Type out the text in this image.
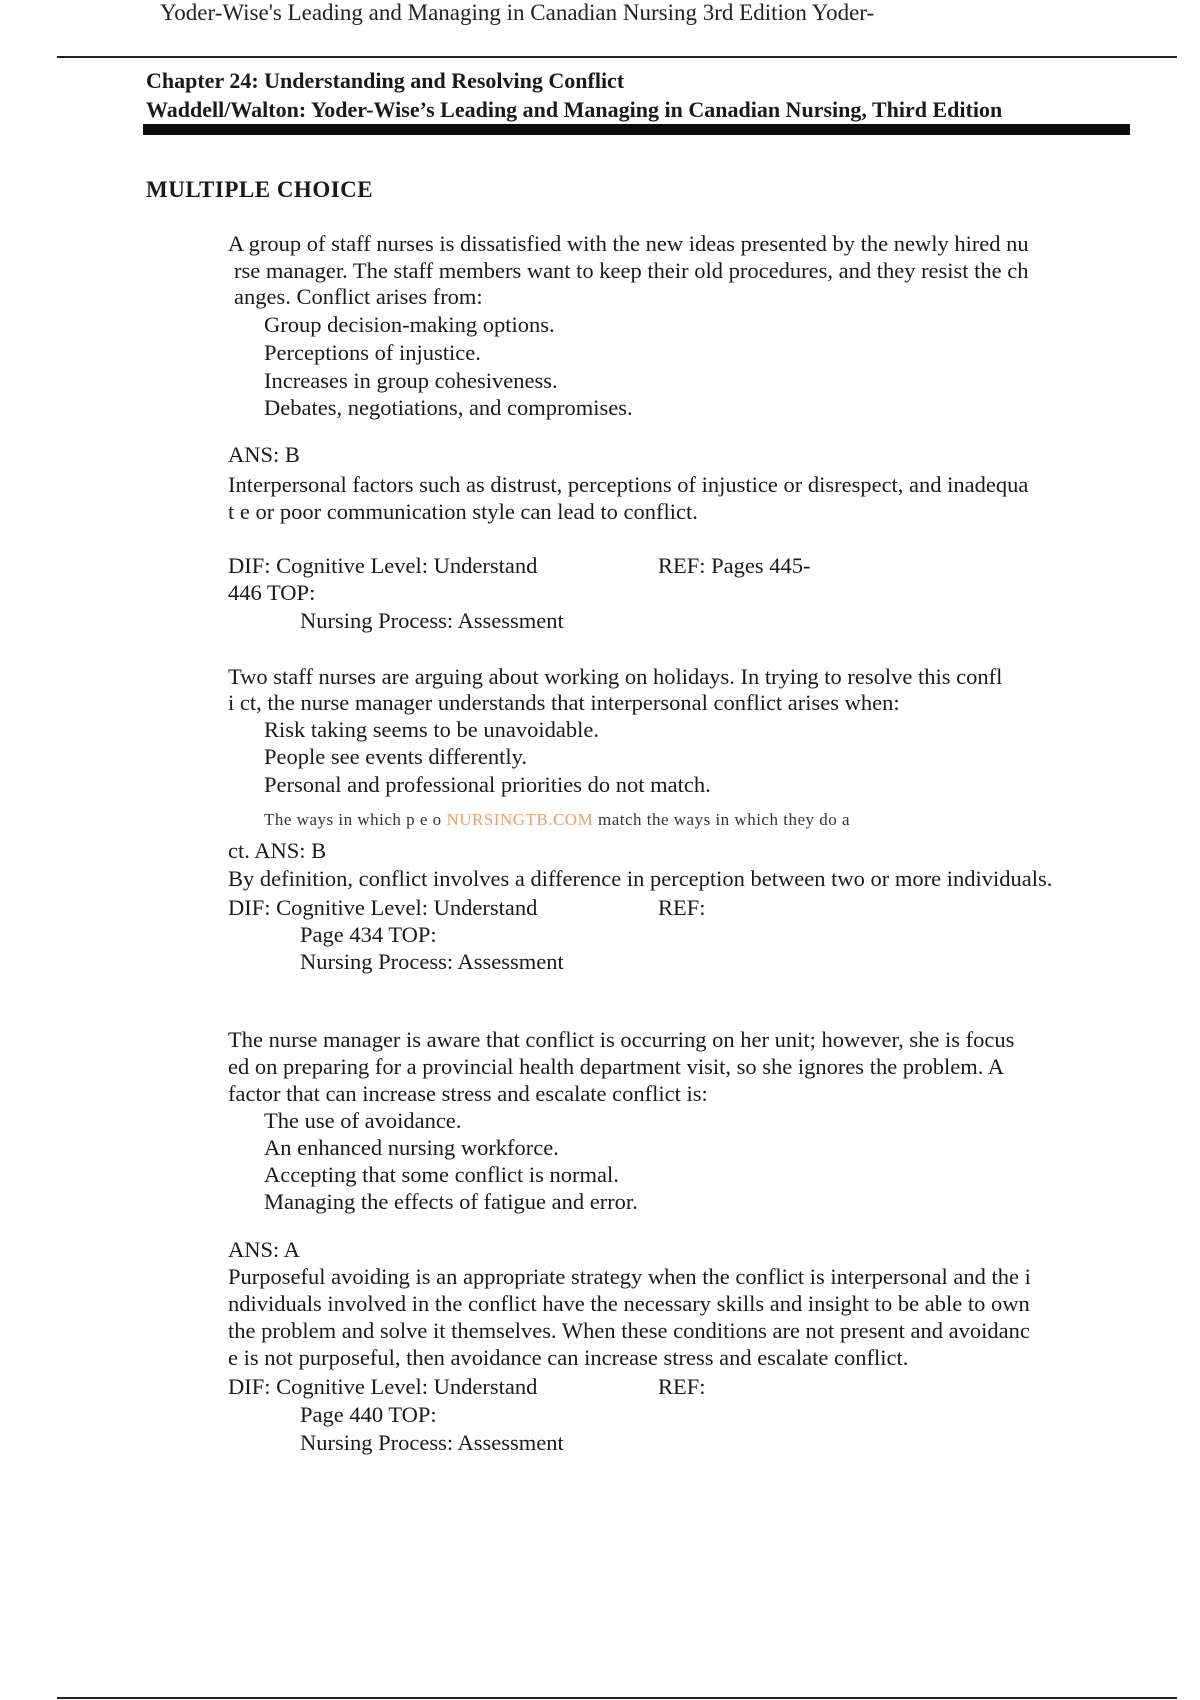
Yoder-Wise's Leading and Managing in Canadian Nursing 3rd Edition Yoder-
Chapter 24: Understanding and Resolving Conflict
Waddell/Walton: Yoder-Wise’s Leading and Managing in Canadian Nursing, Third Edition
MULTIPLE CHOICE
A group of staff nurses is dissatisfied with the new ideas presented by the newly hired nu
rse manager. The staff members want to keep their old procedures, and they resist the ch
anges. Conflict arises from:
Group decision-making options.
Perceptions of injustice.
Increases in group cohesiveness.
Debates, negotiations, and compromises.
ANS: B
Interpersonal factors such as distrust, perceptions of injustice or disrespect, and inadequa
t e or poor communication style can lead to conflict.
DIF: Cognitive Level: Understand	REF: Pages 445-
446 TOP:
Nursing Process: Assessment
Two staff nurses are arguing about working on holidays. In trying to resolve this confl
i ct, the nurse manager understands that interpersonal conflict arises when:
Risk taking seems to be unavoidable.
People see events differently.
Personal and professional priorities do not match.
The ways in which p e o NURSINGTB.COM match the ways in which they do a
ct. ANS: B
By definition, conflict involves a difference in perception between two or more individuals.
DIF: Cognitive Level: Understand	REF:
Page 434 TOP:
Nursing Process: Assessment
The nurse manager is aware that conflict is occurring on her unit; however, she is focus
ed on preparing for a provincial health department visit, so she ignores the problem. A
factor that can increase stress and escalate conflict is:
The use of avoidance.
An enhanced nursing workforce.
Accepting that some conflict is normal.
Managing the effects of fatigue and error.
ANS: A
Purposeful avoiding is an appropriate strategy when the conflict is interpersonal and the i
ndividuals involved in the conflict have the necessary skills and insight to be able to own
the problem and solve it themselves. When these conditions are not present and avoidanc
e is not purposeful, then avoidance can increase stress and escalate conflict.
DIF: Cognitive Level: Understand	REF:
Page 440 TOP:
Nursing Process: Assessment
